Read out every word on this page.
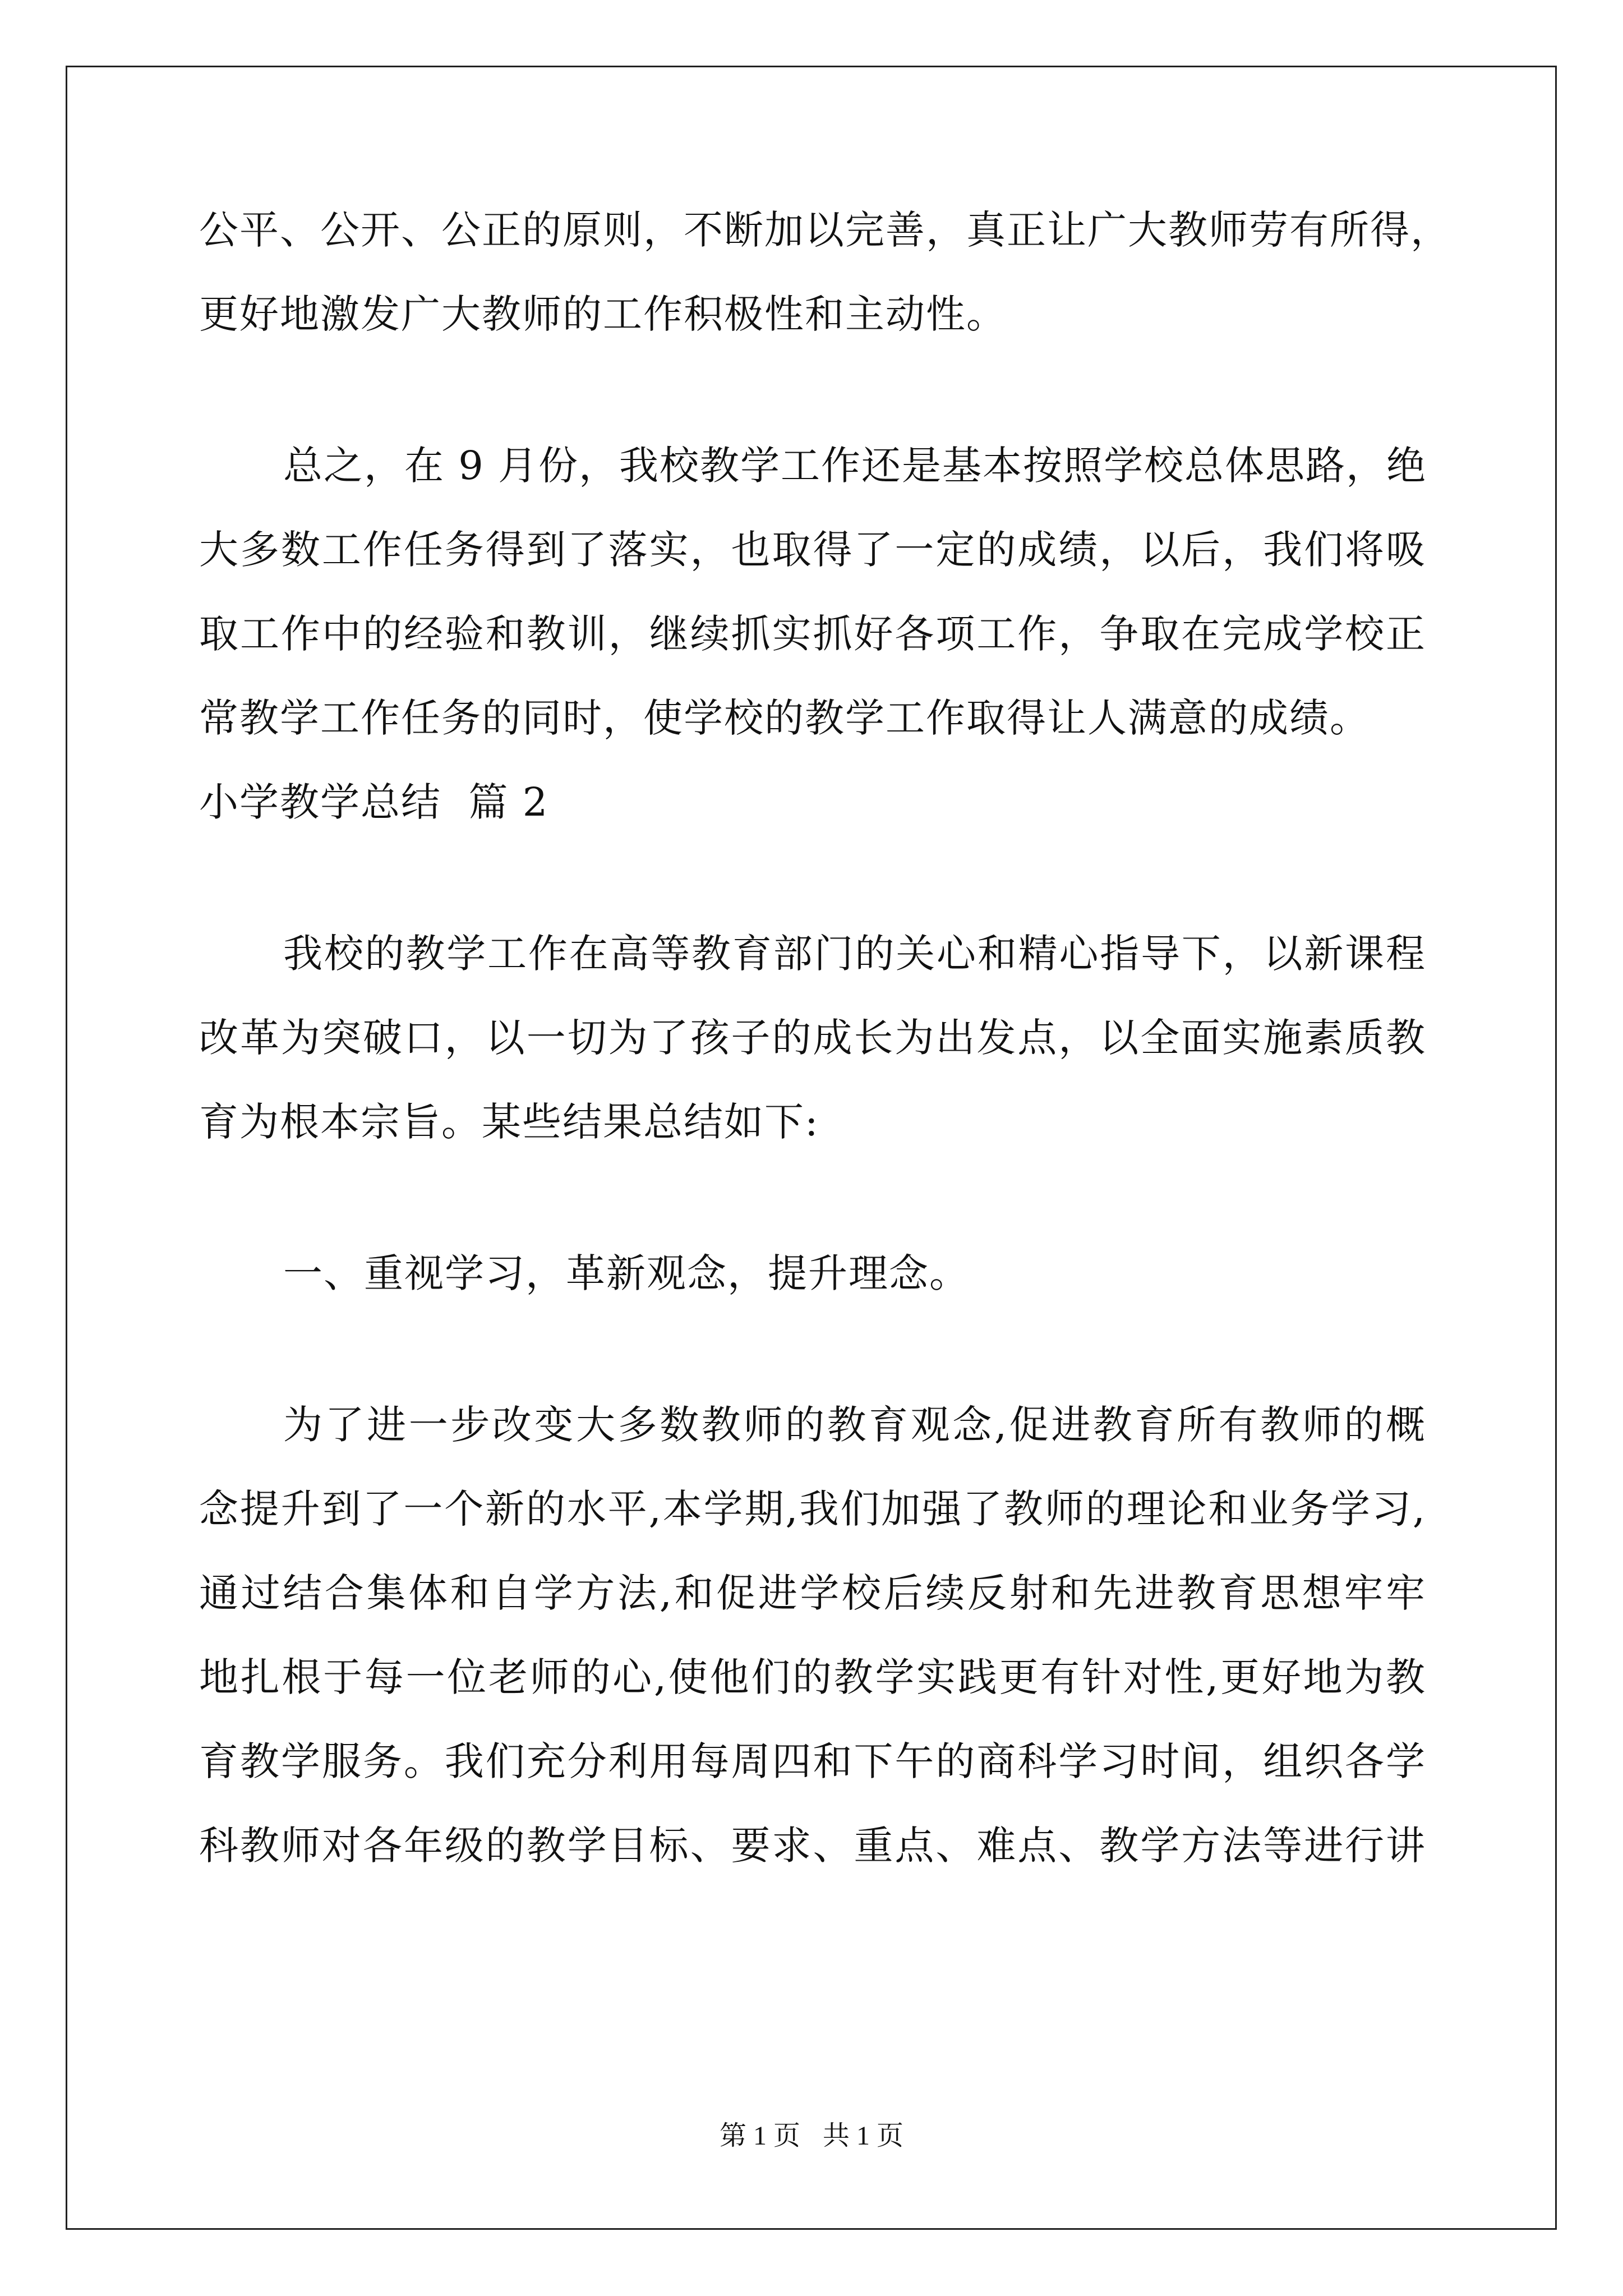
公平、公开、公正的原则，不断加以完善，真正让广大教师劳有所得，
更好地激发广大教师的工作积极性和主动性。
总之，在 9 月份，我校教学工作还是基本按照学校总体思路，绝
大多数工作任务得到了落实，也取得了一定的成绩，以后，我们将吸
取工作中的经验和教训，继续抓实抓好各项工作，争取在完成学校正
常教学工作任务的同时，使学校的教学工作取得让人满意的成绩。
小学教学总结  篇 2
我校的教学工作在高等教育部门的关心和精心指导下，以新课程
改革为突破口，以一切为了孩子的成长为出发点，以全面实施素质教
育为根本宗旨。某些结果总结如下:
一、重视学习，革新观念，提升理念。
为了进一步改变大多数教师的教育观念,促进教育所有教师的概
念提升到了一个新的水平,本学期,我们加强了教师的理论和业务学习,
通过结合集体和自学方法,和促进学校后续反射和先进教育思想牢牢
地扎根于每一位老师的心,使他们的教学实践更有针对性,更好地为教
育教学服务。我们充分利用每周四和下午的商科学习时间，组织各学
科教师对各年级的教学目标、要求、重点、难点、教学方法等进行讲
第 1 页 共 1 页
